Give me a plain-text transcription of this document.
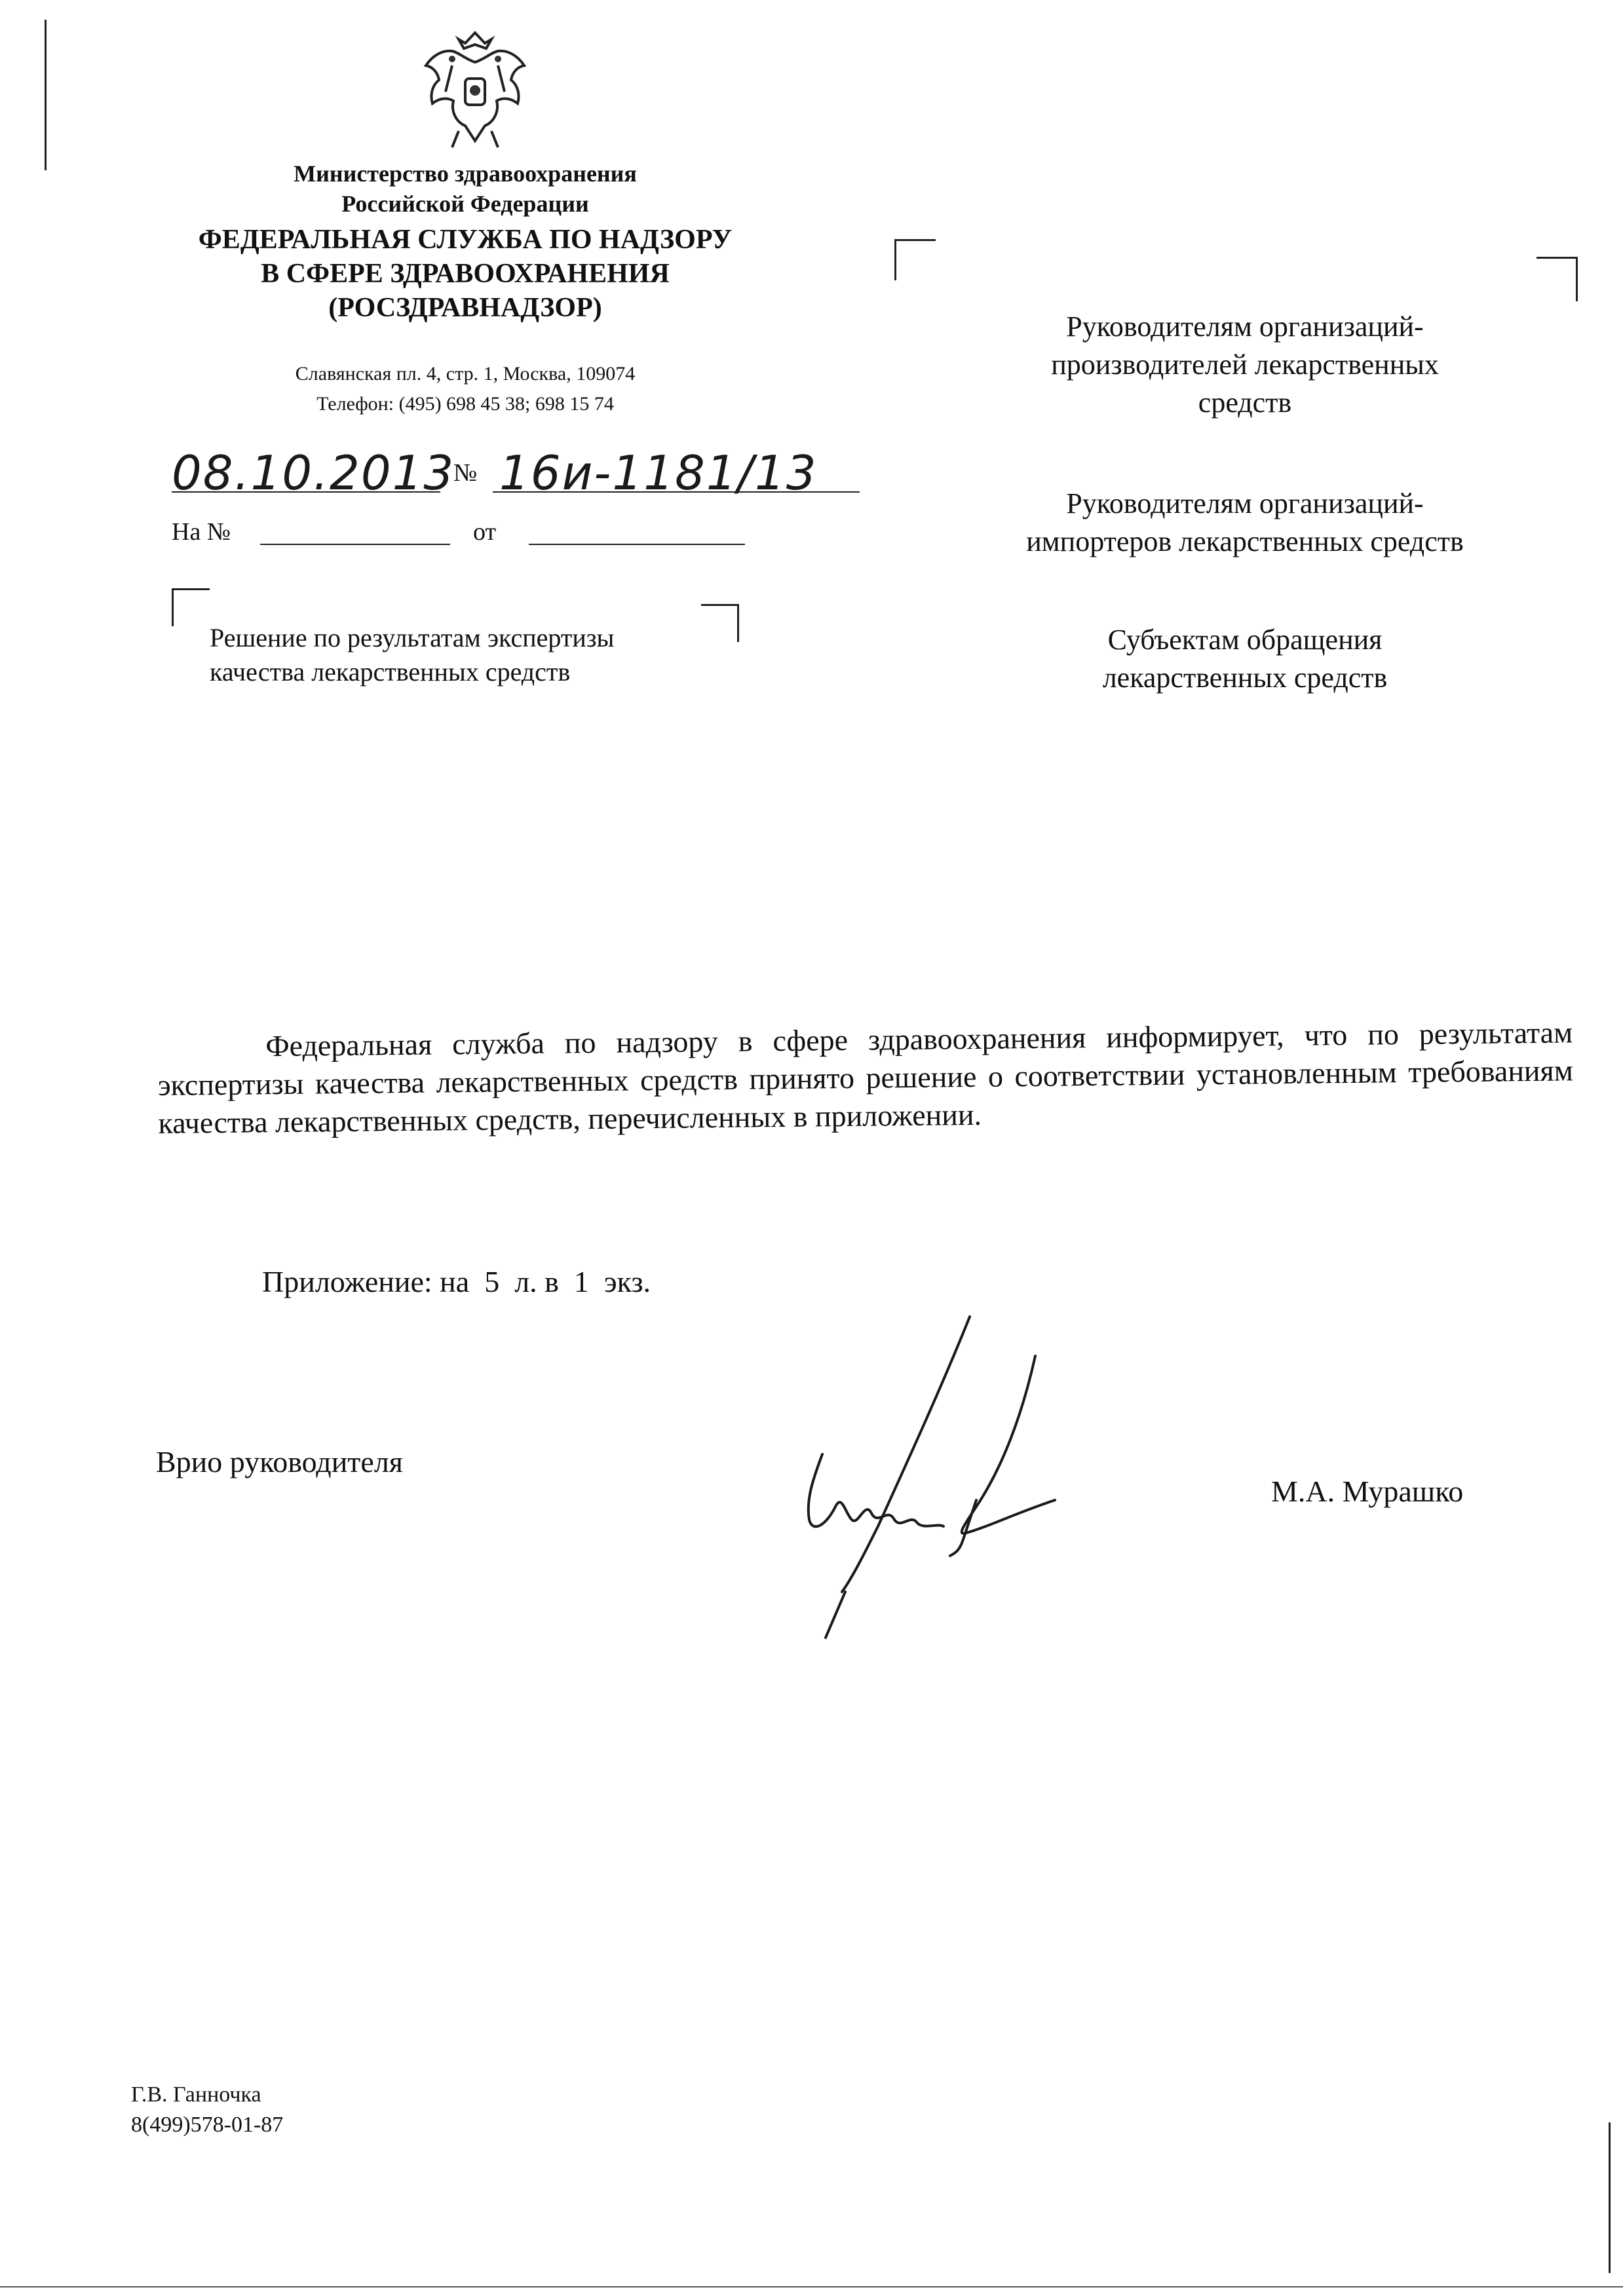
Министерство здравоохранения
Российской Федерации
ФЕДЕРАЛЬНАЯ СЛУЖБА ПО НАДЗОРУ
В СФЕРЕ ЗДРАВООХРАНЕНИЯ
(РОСЗДРАВНАДЗОР)
Славянская пл. 4, стр. 1, Москва, 109074
Телефон: (495) 698 45 38; 698 15 74
08.10.2013
№ 16и-1181/13
На №	от
Решение по результатам экспертизы
качества лекарственных средств
Руководителям организаций-
производителей лекарственных
средств
Руководителям организаций-
импортеров лекарственных средств
Субъектам обращения
лекарственных средств
Федеральная служба по надзору в сфере здравоохранения информирует, что по результатам экспертизы качества лекарственных средств принято решение о соответствии установленным требованиям качества лекарственных средств, перечисленных в приложении.
Приложение: на  5  л. в  1  экз.
Врио руководителя
М.А. Мурашко
Г.В. Ганночка
8(499)578-01-87
